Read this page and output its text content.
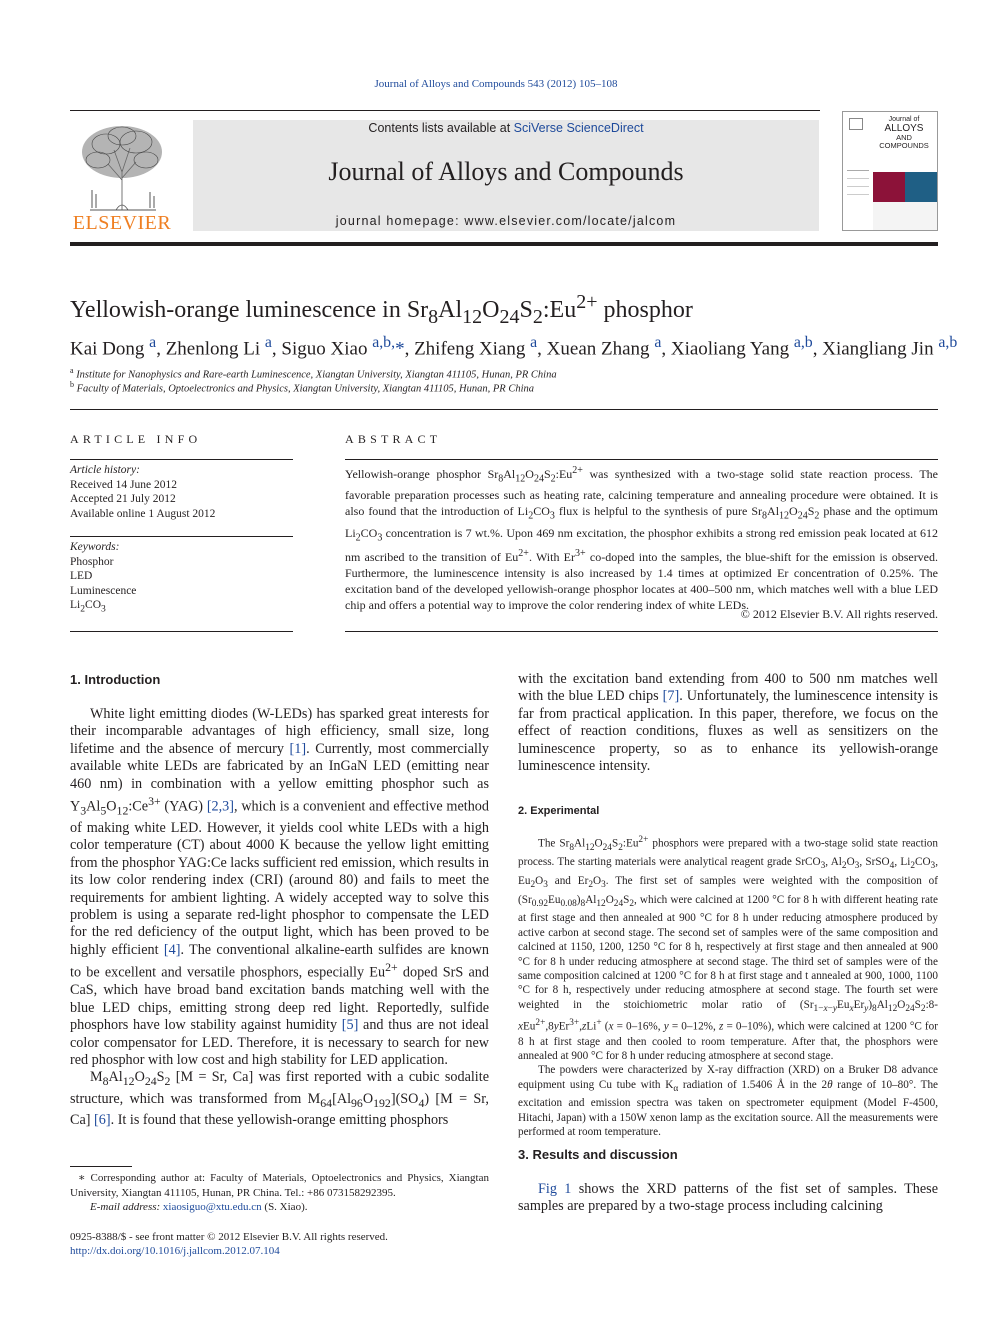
Journal of Alloys and Compounds 543 (2012) 105–108
ELSEVIER
Contents lists available at SciVerse ScienceDirect
Journal of Alloys and Compounds
journal homepage: www.elsevier.com/locate/jalcom
Journal of
ALLOYS
AND COMPOUNDS
Yellowish-orange luminescence in $Sr_8Al_{12}O_{24}S_2:Eu^{2+}$ phosphor
Kai Dong $^a$, Zhenlong Li $^a$, Siguo Xiao $^{a,b,}$*, Zhifeng Xiang $^a$, Xuean Zhang $^a$, Xiaoliang Yang $^{a,b}$, Xiangliang Jin $^{a,b}$
$^a$ Institute for Nanophysics and Rare-earth Luminescence, Xiangtan University, Xiangtan 411105, Hunan, PR China
$^b$ Faculty of Materials, Optoelectronics and Physics, Xiangtan University, Xiangtan 411105, Hunan, PR China
ARTICLE INFO
Article history:
Received 14 June 2012
Accepted 21 July 2012
Available online 1 August 2012
Keywords:
Phosphor
LED
Luminescence
$Li_2CO_3$
ABSTRACT
Yellowish-orange phosphor $Sr_8Al_{12}O_{24}S_2:Eu^{2+}$ was synthesized with a two-stage solid state reaction process. The favorable preparation processes such as heating rate, calcining temperature and annealing procedure were obtained. It is also found that the introduction of $Li_2CO_3$ flux is helpful to the synthesis of pure $Sr_8Al_{12}O_{24}S_2$ phase and the optimum $Li_2CO_3$ concentration is 7 wt.%. Upon 469 nm excitation, the phosphor exhibits a strong red emission peak located at 612 nm ascribed to the transition of $Eu^{2+}$. With $Er^{3+}$ co-doped into the samples, the blue-shift for the emission is observed. Furthermore, the luminescence intensity is also increased by 1.4 times at optimized Er concentration of 0.25%. The excitation band of the developed yellowish-orange phosphor locates at 400–500 nm, which matches well with a blue LED chip and offers a potential way to improve the color rendering index of white LEDs.
© 2012 Elsevier B.V. All rights reserved.
1. Introduction

White light emitting diodes (W-LEDs) has sparked great interests for their incomparable advantages of high efficiency, small size, long lifetime and the absence of mercury [1]. Currently, most commercially available white LEDs are fabricated by an InGaN LED (emitting near 460 nm) in combination with a yellow emitting phosphor such as $Y_3Al_5O_{12}:Ce^{3+}$ (YAG) [2,3], which is a convenient and effective method of making white LED. However, it yields cool white LEDs with a high color temperature (CT) about 4000 K because the yellow light emitting from the phosphor YAG:Ce lacks sufficient red emission, which results in its low color rendering index (CRI) (around 80) and fails to meet the requirements for ambient lighting. A widely accepted way to solve this problem is using a separate red-light phosphor to compensate the LED for the red deficiency of the output light, which has been proved to be highly efficient [4]. The conventional alkaline-earth sulfides are known to be excellent and versatile phosphors, especially $Eu^{2+}$ doped SrS and CaS, which have broad band excitation bands matching well with the blue LED chips, emitting strong deep red light. Reportedly, sulfide phosphors have low stability against humidity [5] and thus are not ideal color compensator for LED. Therefore, it is necessary to search for new red phosphor with low cost and high stability for LED application.

$M_8Al_{12}O_{24}S_2$ [M = Sr, Ca] was first reported with a cubic sodalite structure, which was transformed from $M_{64}[Al_{96}O_{192}](SO_4) [M = Sr$, Ca] [6]. It is found that these yellowish-orange emitting phosphors

∗ Corresponding author at: Faculty of Materials, Optoelectronics and Physics, Xiangtan University, Xiangtan 411105, Hunan, PR China. Tel.: +86 073158292395.
E-mail address: xiaosiguo@xtu.edu.cn (S. Xiao).
0925-8388/$ - see front matter © 2012 Elsevier B.V. All rights reserved.
http://dx.doi.org/10.1016/j.jallcom.2012.07.104

with the excitation band extending from 400 to 500 nm matches well with the blue LED chips [7]. Unfortunately, the luminescence intensity is far from practical application. In this paper, therefore, we focus on the effect of reaction conditions, fluxes as well as sensitizers on the luminescence property, so as to enhance its yellowish-orange luminescence intensity.

2. Experimental

The $Sr_8Al_{12}O_{24}S_2:Eu^{2+}$ phosphors were prepared with a two-stage solid state reaction process. The starting materials were analytical reagent grade SrCO$_3$, $Al_2O_3$, SrSO$_4$, $Li_2CO_3$, $Eu_2O_3$ and $Er_2O_3$. The first set of samples were weighted with the composition of $(Sr_{0.92}Eu_{0.08})_8Al_{12}O_{24}S_2$, which were calcined at 1200 °C for 8 h with different heating rate at first stage and then annealed at 900 °C for 8 h under reducing atmosphere produced by active carbon at second stage. The second set of samples were of the same composition and calcined at 1150, 1200, 1250 °C for 8 h, respectively at first stage and then annealed at 900 °C for 8 h under reducing atmosphere at second stage. The third set of samples were of the same composition calcined at 1200 °C for 8 h at first stage and t annealed at 900, 1000, 1100 °C for 8 h, respectively under reducing atmosphere at second stage. The fourth set were weighted in the stoichiometric molar ratio of $(Sr_{1-x-y}Eu_xEr_y)_8Al_{12}O_{24}S_2:8-xEu^{2+},8yEr^{3+},zLi^+$ (x = 0–16%, y = 0–12%, z = 0–10%), which were calcined at 1200 °C for 8 h at first stage and then cooled to room temperature. After that, the phosphors were annealed at 900 °C for 8 h under reducing atmosphere at second stage.

The powders were characterized by X-ray diffraction (XRD) on a Bruker D8 advance equipment using Cu tube with $K_\alpha$ radiation of 1.5406 Å in the 2θ range of 10–80°. The excitation and emission spectra was taken on spectrometer equipment (Model F-4500, Hitachi, Japan) with a 150W xenon lamp as the excitation source. All the measurements were performed at room temperature.

3. Results and discussion

Fig 1 shows the XRD patterns of the fist set of samples. These samples are prepared by a two-stage process including calcining
